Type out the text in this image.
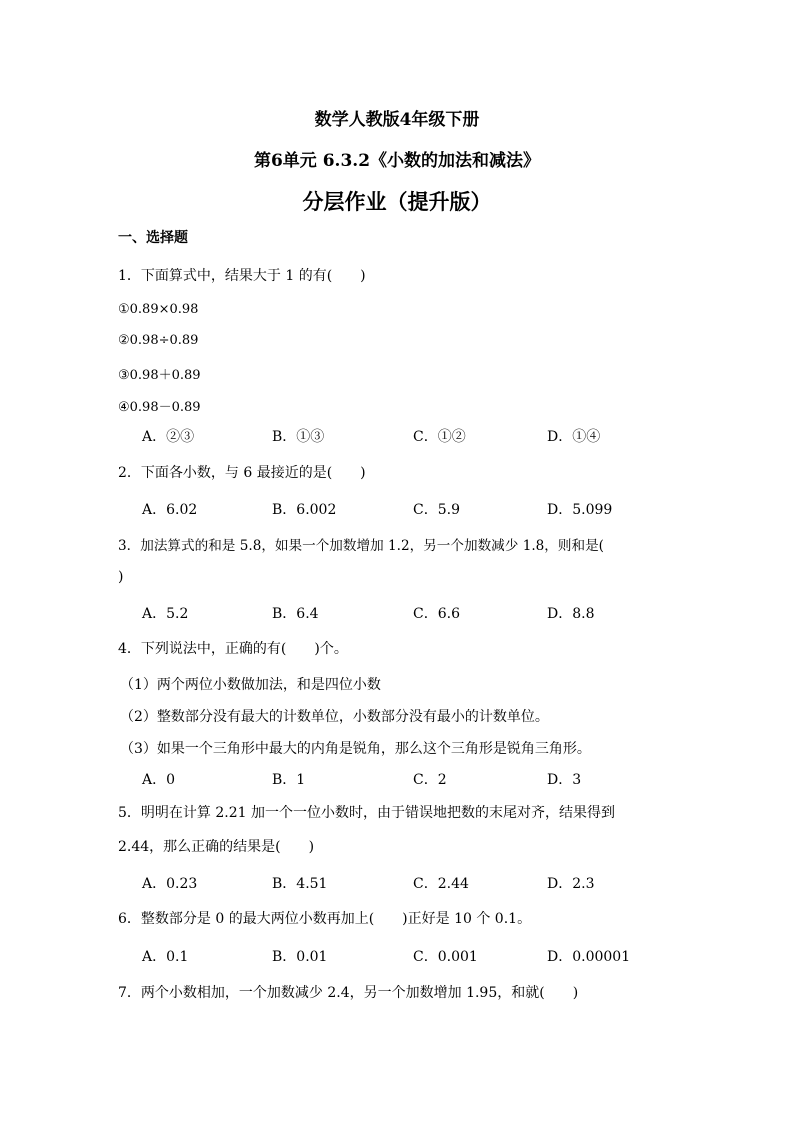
数学人教版4年级下册
第6单元 6.3.2《小数的加法和减法》
分层作业（提升版）
一、选择题
1．下面算式中，结果大于 1 的有(　　)
①0.89×0.98
②0.98÷0.89
③0.98＋0.89
④0.98－0.89
A．②③	B．①③	C．①②	D．①④
2．下面各小数，与 6 最接近的是(　　)
A．6.02	B．6.002	C．5.9	D．5.099
3．加法算式的和是 5.8，如果一个加数增加 1.2，另一个加数减少 1.8，则和是(
)
A．5.2	B．6.4	C．6.6	D．8.8
4．下列说法中，正确的有(　　)个。
（1）两个两位小数做加法，和是四位小数
（2）整数部分没有最大的计数单位，小数部分没有最小的计数单位。
（3）如果一个三角形中最大的内角是锐角，那么这个三角形是锐角三角形。
A．0	B．1	C．2	D．3
5．明明在计算 2.21 加一个一位小数时，由于错误地把数的末尾对齐，结果得到
2.44，那么正确的结果是(　　)
A．0.23	B．4.51	C．2.44	D．2.3
6．整数部分是 0 的最大两位小数再加上(　　)正好是 10 个 0.1。
A．0.1	B．0.01	C．0.001	D．0.00001
7．两个小数相加，一个加数减少 2.4，另一个加数增加 1.95，和就(　　)
